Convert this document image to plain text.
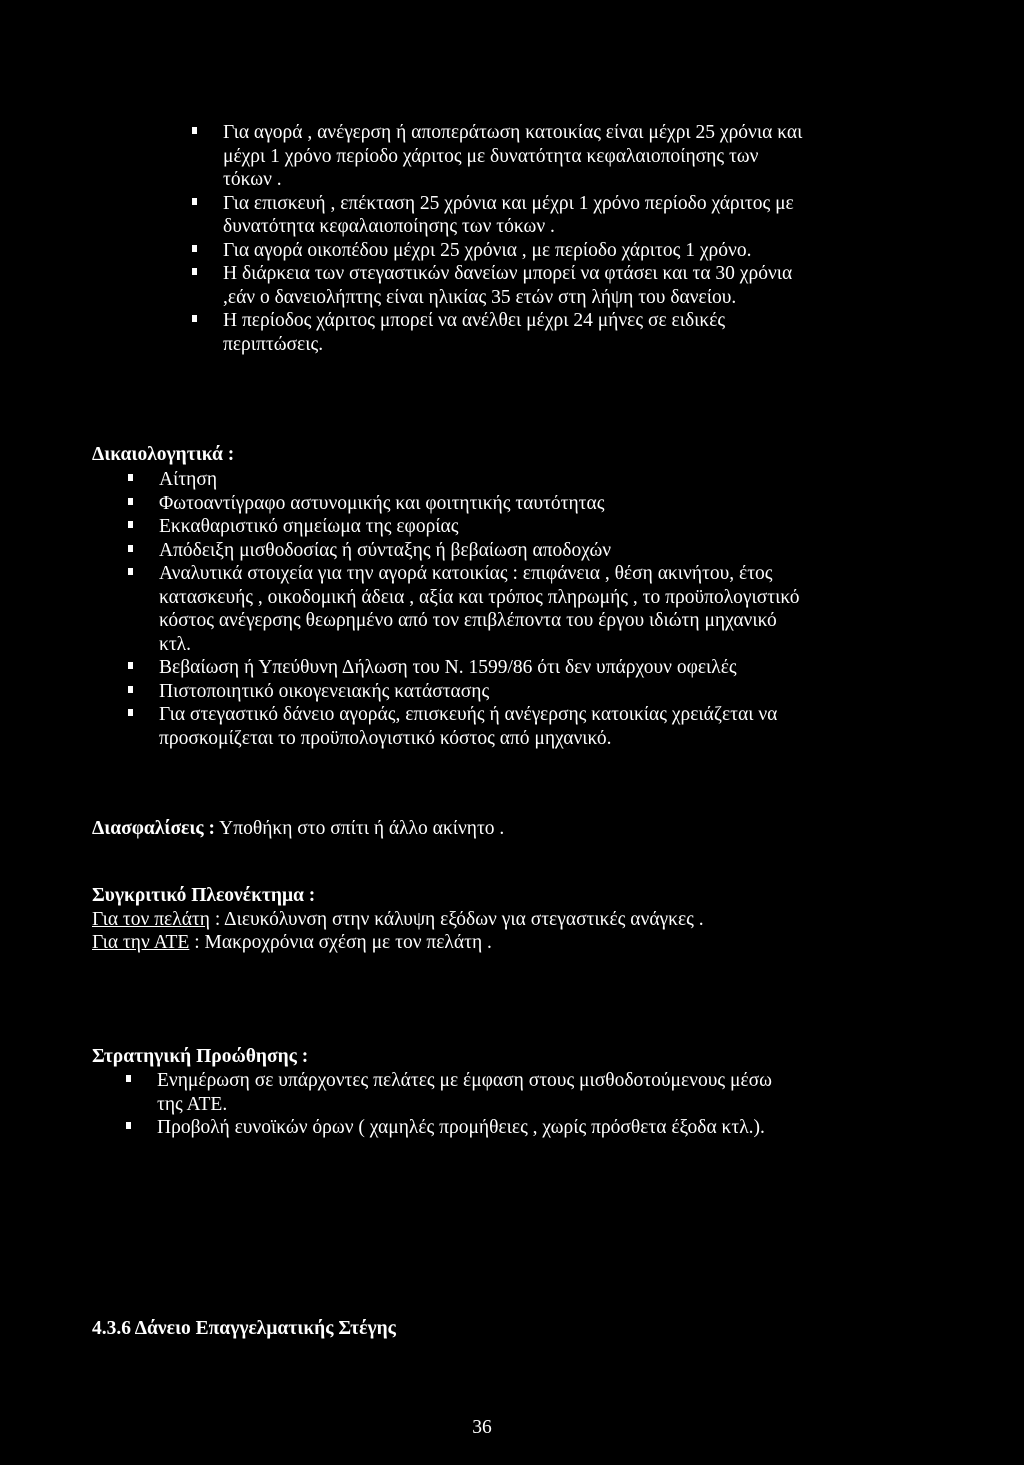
Για αγορά , ανέγερση ή αποπεράτωση κατοικίας είναι μέχρι 25 χρόνια και
μέχρι 1 χρόνο περίοδο χάριτος με δυνατότητα κεφαλαιοποίησης των
τόκων .
Για επισκευή , επέκταση 25 χρόνια και μέχρι 1 χρόνο περίοδο χάριτος με
δυνατότητα κεφαλαιοποίησης των τόκων .
Για αγορά οικοπέδου μέχρι 25 χρόνια , με περίοδο χάριτος 1 χρόνο.
Η διάρκεια των στεγαστικών δανείων μπορεί να φτάσει και τα 30 χρόνια
,εάν ο δανειολήπτης είναι ηλικίας 35 ετών στη λήψη του δανείου.
Η περίοδος χάριτος μπορεί να ανέλθει μέχρι 24 μήνες σε ειδικές
περιπτώσεις.

Δικαιολογητικά :

Αίτηση
Φωτοαντίγραφο αστυνομικής και φοιτητικής ταυτότητας
Εκκαθαριστικό σημείωμα της εφορίας
Απόδειξη μισθοδοσίας ή σύνταξης ή βεβαίωση αποδοχών
Αναλυτικά στοιχεία για την αγορά κατοικίας : επιφάνεια , θέση ακινήτου, έτος
κατασκευής , οικοδομική άδεια , αξία και τρόπος πληρωμής , το προϋπολογιστικό
κόστος ανέγερσης θεωρημένο από τον επιβλέποντα του έργου ιδιώτη μηχανικό
κτλ.
Βεβαίωση ή Υπεύθυνη Δήλωση του Ν. 1599/86 ότι δεν υπάρχουν οφειλές
Πιστοποιητικό οικογενειακής κατάστασης
Για στεγαστικό δάνειο αγοράς, επισκευής ή ανέγερσης κατοικίας χρειάζεται να
προσκομίζεται το προϋπολογιστικό κόστος από μηχανικό.

Διασφαλίσεις : Υποθήκη στο σπίτι ή άλλο ακίνητο .

Συγκριτικό Πλεονέκτημα :

Για τον πελάτη : Διευκόλυνση στην κάλυψη εξόδων για στεγαστικές ανάγκες .

Για την ΑΤΕ : Μακροχρόνια σχέση με τον πελάτη .

Στρατηγική Προώθησης :

Ενημέρωση σε υπάρχοντες πελάτες με έμφαση στους μισθοδοτούμενους μέσω
της ΑΤΕ.
Προβολή ευνοϊκών όρων ( χαμηλές προμήθειες , χωρίς πρόσθετα έξοδα κτλ.).

4.3.6 Δάνειο Επαγγελματικής Στέγης

36
